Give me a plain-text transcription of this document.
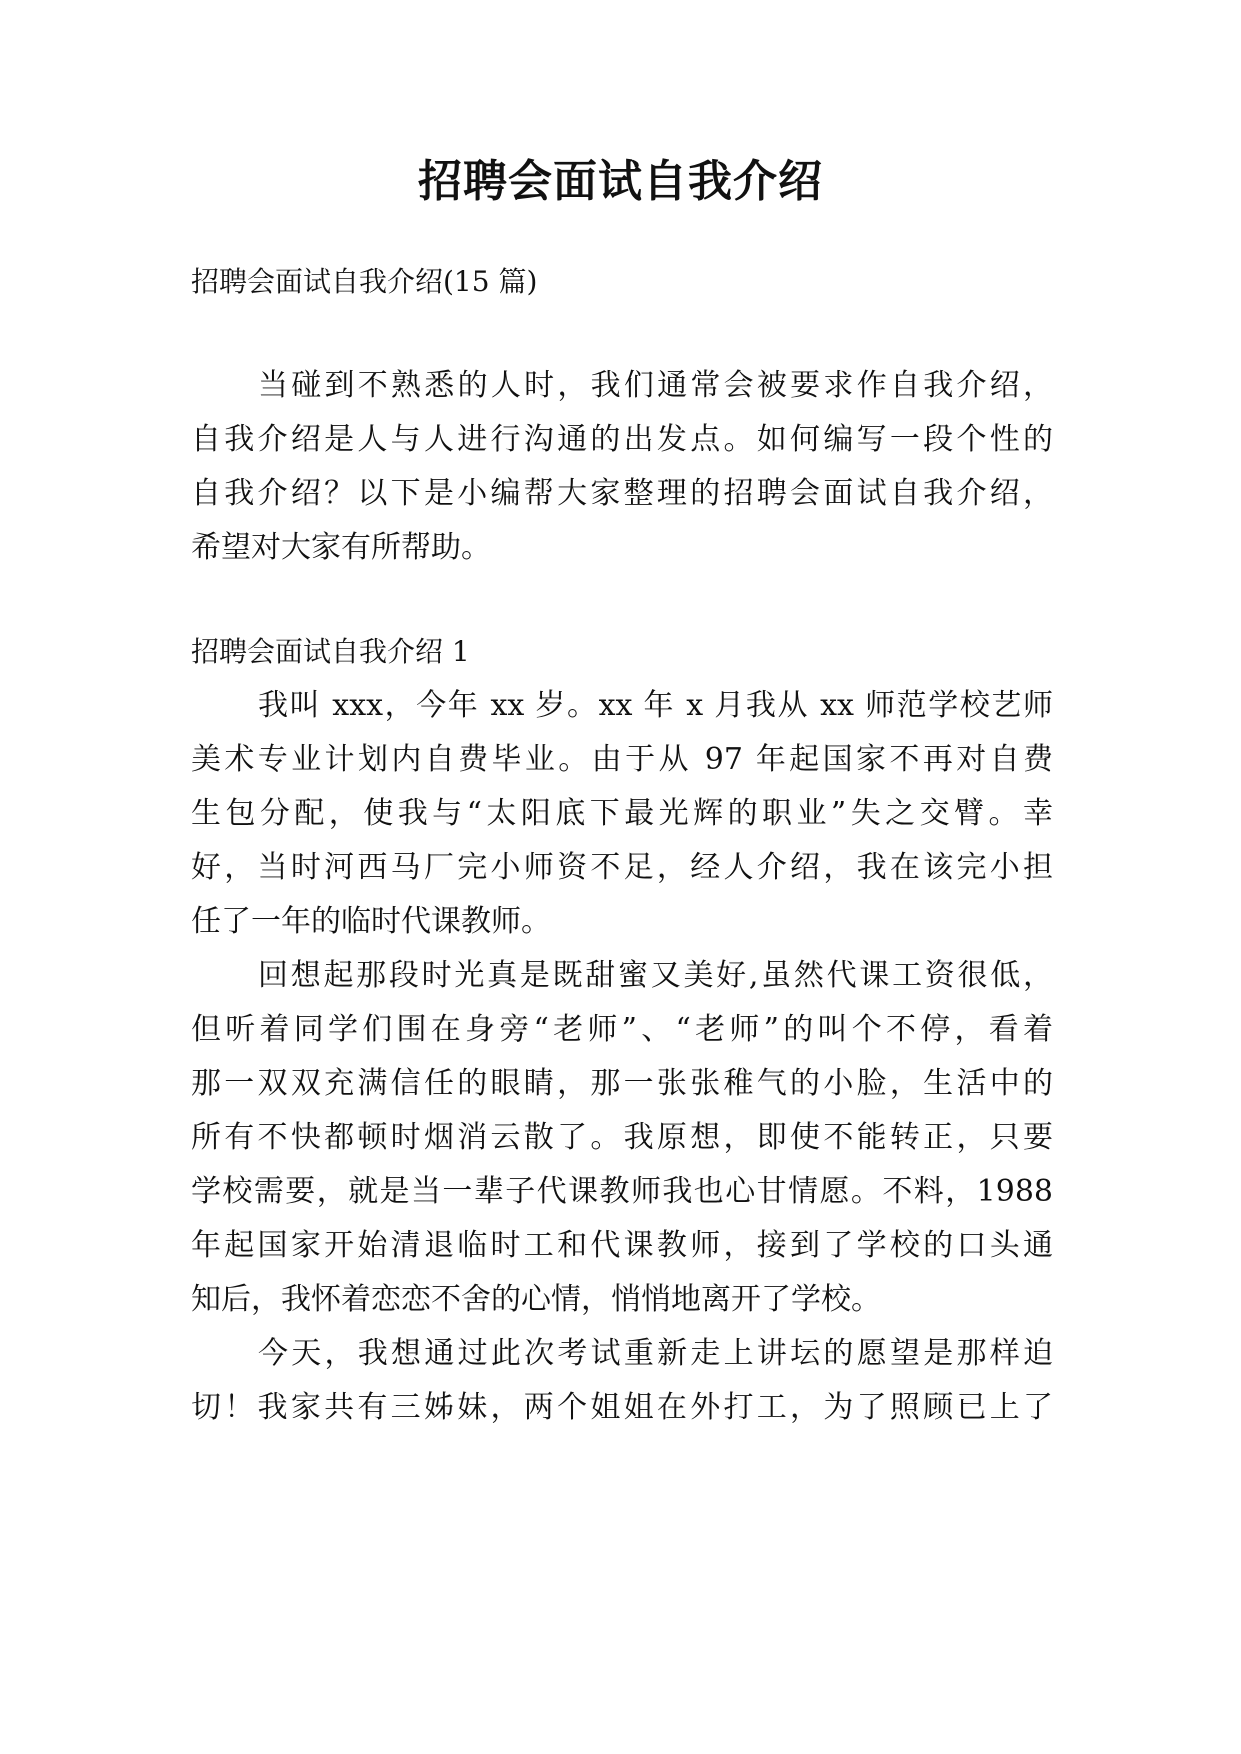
招聘会面试自我介绍

招聘会面试自我介绍(15 篇)

当碰到不熟悉的人时，我们通常会被要求作自我介绍，

自我介绍是人与人进行沟通的出发点。如何编写一段个性的

自我介绍？以下是小编帮大家整理的招聘会面试自我介绍，

希望对大家有所帮助。

招聘会面试自我介绍 1

我叫 xxx，今年 xx 岁。xx 年 x 月我从 xx 师范学校艺师

美术专业计划内自费毕业。由于从 97 年起国家不再对自费

生包分配，使我与“太阳底下最光辉的职业”失之交臂。幸

好，当时河西马厂完小师资不足，经人介绍，我在该完小担

任了一年的临时代课教师。

回想起那段时光真是既甜蜜又美好,虽然代课工资很低，

但听着同学们围在身旁“老师”、“老师”的叫个不停，看着

那一双双充满信任的眼睛，那一张张稚气的小脸，生活中的

所有不快都顿时烟消云散了。我原想，即使不能转正，只要

学校需要，就是当一辈子代课教师我也心甘情愿。不料，1988

年起国家开始清退临时工和代课教师，接到了学校的口头通

知后，我怀着恋恋不舍的心情，悄悄地离开了学校。

今天，我想通过此次考试重新走上讲坛的愿望是那样迫

切！我家共有三姊妹，两个姐姐在外打工，为了照顾已上了
